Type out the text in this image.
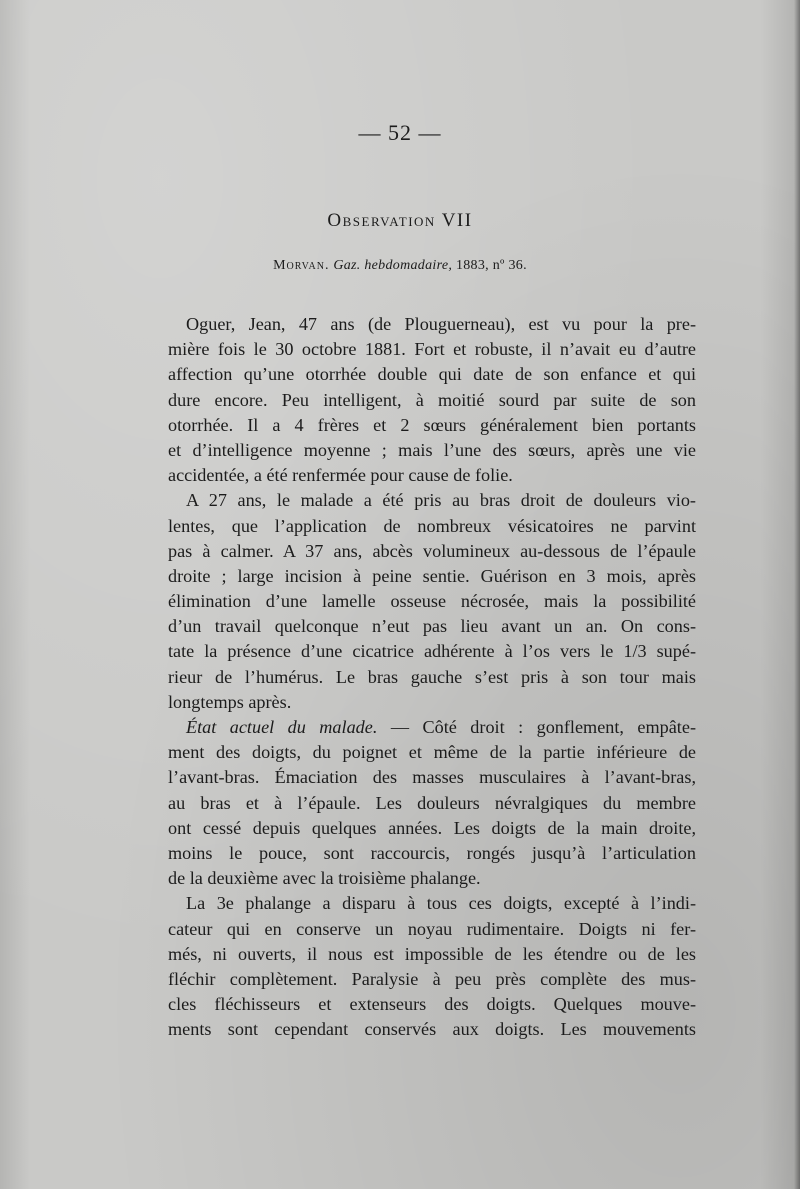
— 52 —
Observation VII
Morvan. Gaz. hebdomadaire, 1883, nº 36.
Oguer, Jean, 47 ans (de Plouguerneau), est vu pour la pre-
mière fois le 30 octobre 1881. Fort et robuste, il n’avait eu d’autre
affection qu’une otorrhée double qui date de son enfance et qui
dure encore. Peu intelligent, à moitié sourd par suite de son
otorrhée. Il a 4 frères et 2 sœurs généralement bien portants
et d’intelligence moyenne ; mais l’une des sœurs, après une vie
accidentée, a été renfermée pour cause de folie.
A 27 ans, le malade a été pris au bras droit de douleurs vio-
lentes, que l’application de nombreux vésicatoires ne parvint
pas à calmer. A 37 ans, abcès volumineux au-dessous de l’épaule
droite ; large incision à peine sentie. Guérison en 3 mois, après
élimination d’une lamelle osseuse nécrosée, mais la possibilité
d’un travail quelconque n’eut pas lieu avant un an. On cons-
tate la présence d’une cicatrice adhérente à l’os vers le 1/3 supé-
rieur de l’humérus. Le bras gauche s’est pris à son tour mais
longtemps après.
État actuel du malade. — Côté droit : gonflement, empâte-
ment des doigts, du poignet et même de la partie inférieure de
l’avant-bras. Émaciation des masses musculaires à l’avant-bras,
au bras et à l’épaule. Les douleurs névralgiques du membre
ont cessé depuis quelques années. Les doigts de la main droite,
moins le pouce, sont raccourcis, rongés jusqu’à l’articulation
de la deuxième avec la troisième phalange.
La 3e phalange a disparu à tous ces doigts, excepté à l’indi-
cateur qui en conserve un noyau rudimentaire. Doigts ni fer-
més, ni ouverts, il nous est impossible de les étendre ou de les
fléchir complètement. Paralysie à peu près complète des mus-
cles fléchisseurs et extenseurs des doigts. Quelques mouve-
ments sont cependant conservés aux doigts. Les mouvements
